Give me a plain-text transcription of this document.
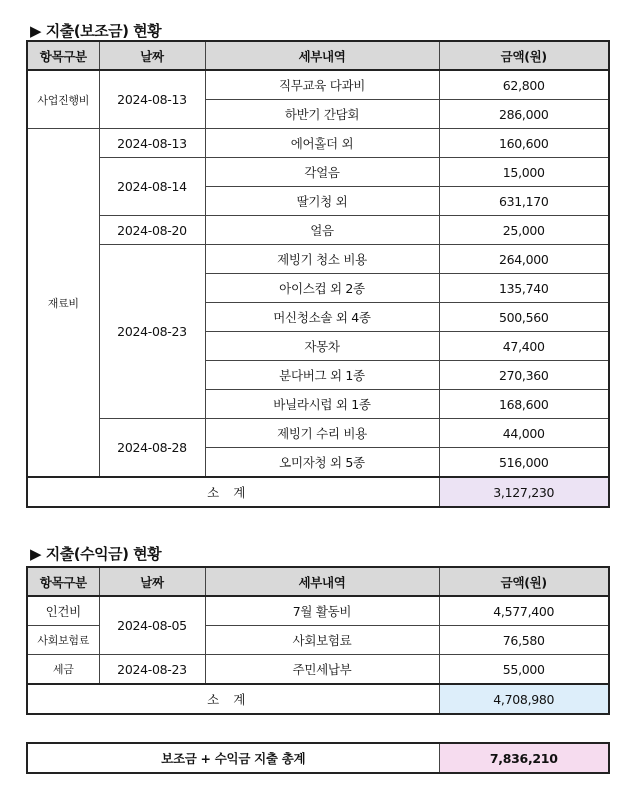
▶ 지출(보조금) 현황
항목구분	날짜	세부내역	금액(원)
사업진행비	2024-08-13	직무교육 다과비	62,800
		하반기 간담회	286,000
재료비	2024-08-13	에어홀더 외	160,600
	2024-08-14	각얼음	15,000
		딸기청 외	631,170
	2024-08-20	얼음	25,000
	2024-08-23	제빙기 청소 비용	264,000
		아이스컵 외 2종	135,740
		머신청소솔 외 4종	500,560
		자몽차	47,400
		분다버그 외 1종	270,360
		바닐라시럽 외 1종	168,600
	2024-08-28	제빙기 수리 비용	44,000
		오미자청 외 5종	516,000
소계			3,127,230
▶ 지출(수익금) 현황
항목구분	날짜	세부내역	금액(원)
인건비	2024-08-05	7월 활동비	4,577,400
사회보험료		사회보험료	76,580
세금	2024-08-23	주민세납부	55,000
소계			4,708,980
보조금 + 수익금 지출 총계	7,836,210
